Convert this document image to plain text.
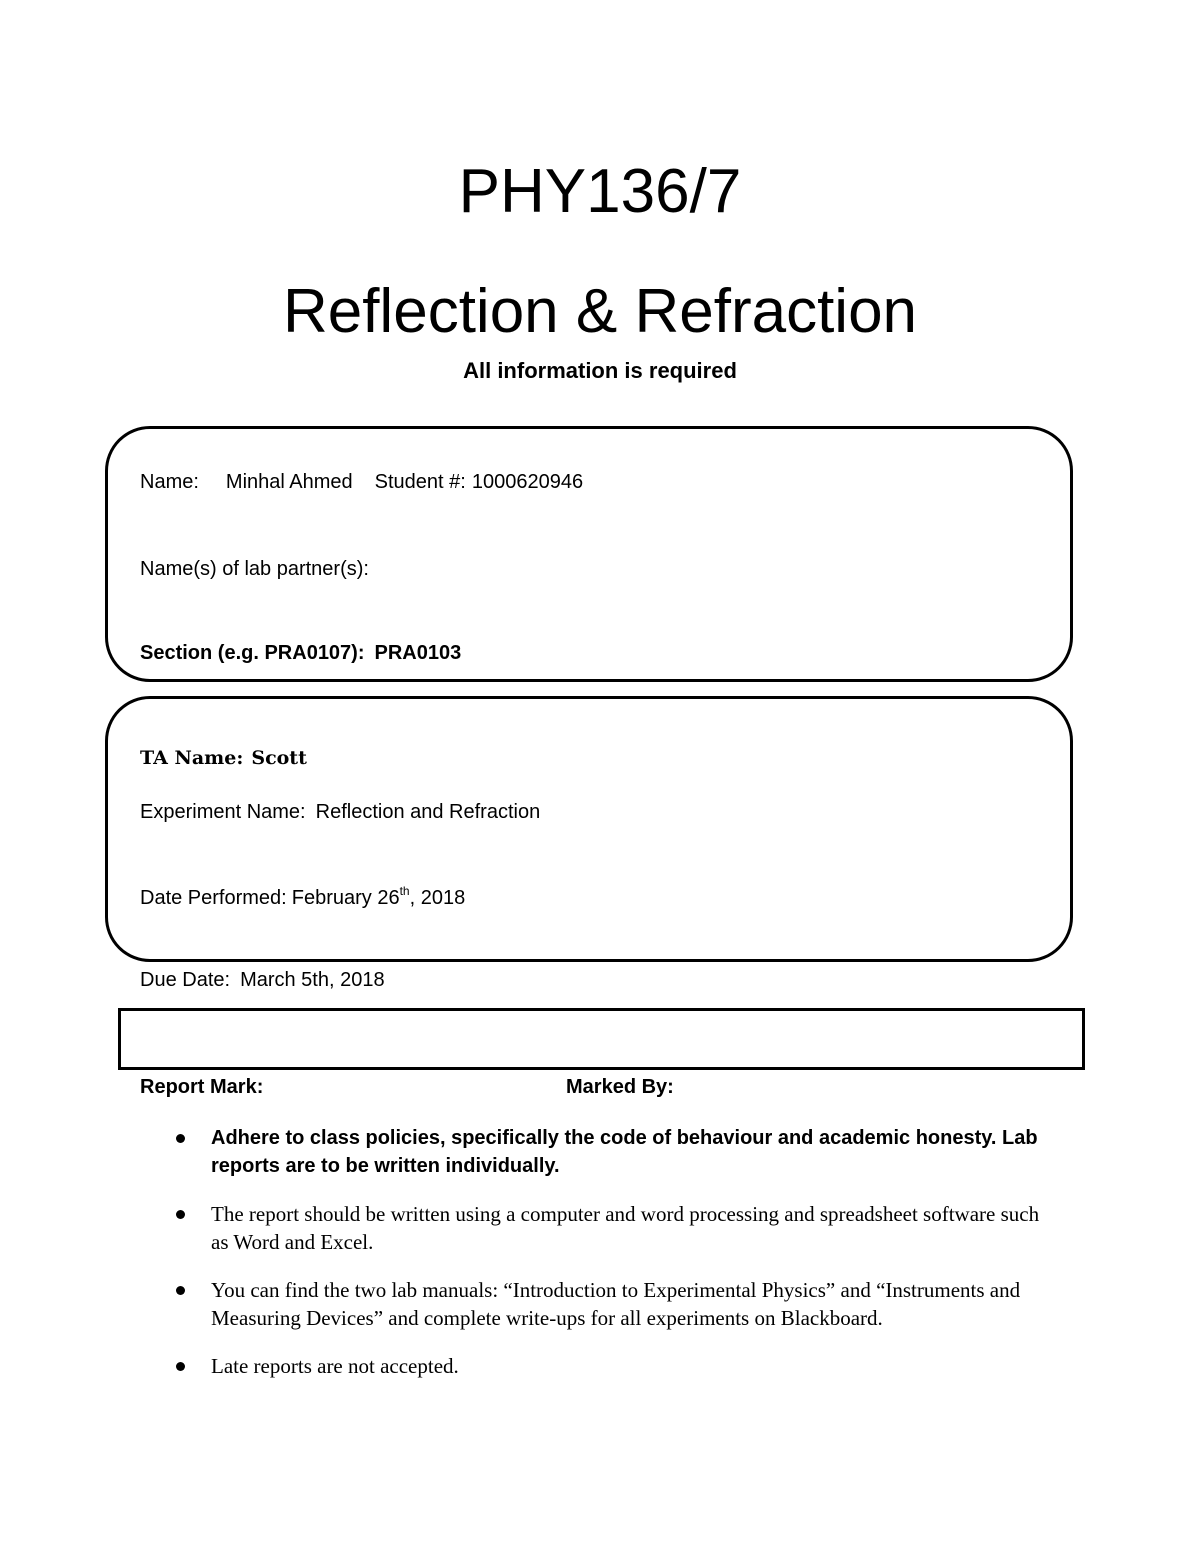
PHY136/7
Reflection & Refraction
All information is required
Name: Minhal Ahmed Student #: 1000620946
Name(s) of lab partner(s):
Section (e.g. PRA0107): PRA0103
TA Name: Scott
Experiment Name: Reflection and Refraction
Date Performed: February 26th, 2018
Due Date: March 5th, 2018
Report Mark:	Marked By:
Adhere to class policies, specifically the code of behaviour and academic honesty. Lab reports are to be written individually.
The report should be written using a computer and word processing and spreadsheet software such as Word and Excel.
You can find the two lab manuals: “Introduction to Experimental Physics” and “Instruments and Measuring Devices” and complete write-ups for all experiments on Blackboard.
Late reports are not accepted.
